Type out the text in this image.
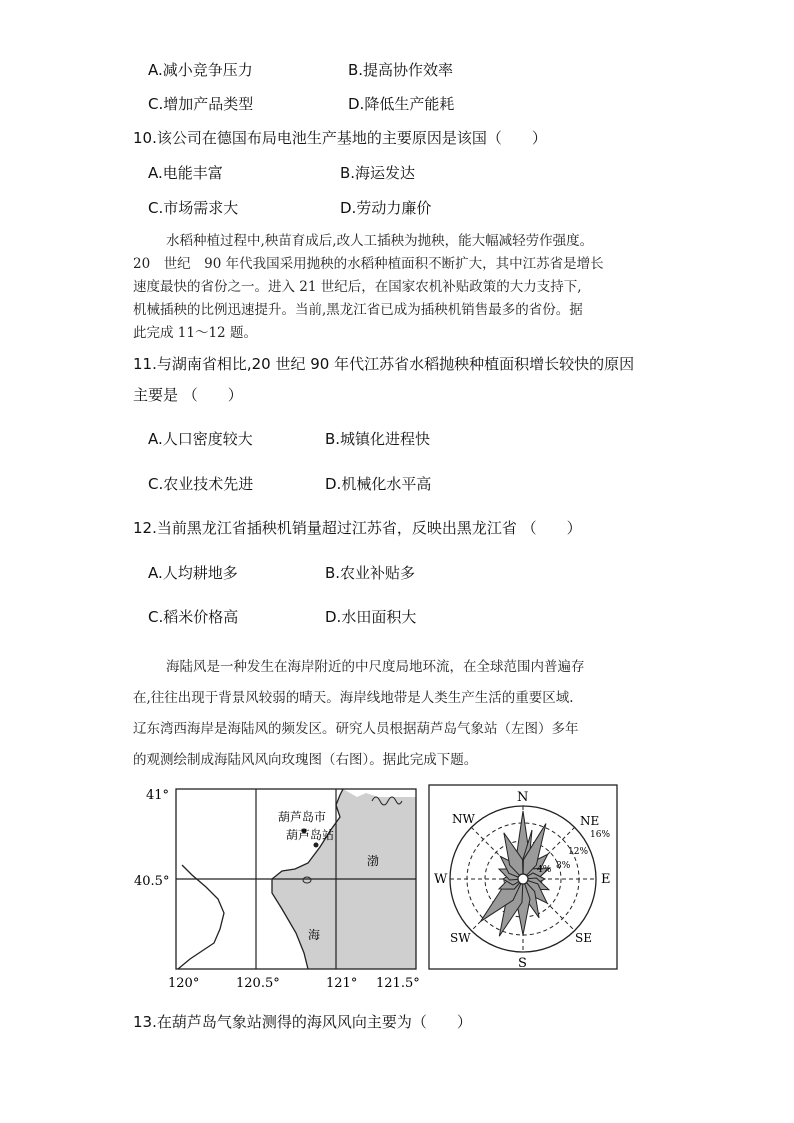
A.减小竞争压力	B.提高协作效率
C.增加产品类型	D.降低生产能耗
10.该公司在德国布局电池生产基地的主要原因是该国（　　）
A.电能丰富	B.海运发达
C.市场需求大	D.劳动力廉价
水稻种植过程中,秧苗育成后,改人工插秧为抛秧，能大幅减轻劳作强度。
20　世纪　90 年代我国采用抛秧的水稻种植面积不断扩大，其中江苏省是增长
速度最快的省份之一。进入 21 世纪后，在国家农机补贴政策的大力支持下,
机械插秧的比例迅速提升。当前,黑龙江省已成为插秧机销售最多的省份。据
此完成 11～12 题。
11.与湖南省相比,20 世纪 90 年代江苏省水稻抛秧种植面积增长较快的原因
主要是 （　　）
A.人口密度较大	B.城镇化进程快
C.农业技术先进	D.机械化水平高
12.当前黑龙江省插秧机销量超过江苏省，反映出黑龙江省 （　　）
A.人均耕地多	B.农业补贴多
C.稻米价格高	D.水田面积大
海陆风是一种发生在海岸附近的中尺度局地环流，在全球范围内普遍存
在,往往出现于背景风较弱的晴天。海岸线地带是人类生产生活的重要区域.
辽东湾西海岸是海陆风的频发区。研究人员根据葫芦岛气象站（左图）多年
的观测绘制成海陆风风向玫瑰图（右图）。据此完成下题。
葫芦岛市
葫芦岛站
渤
海
41°
40.5°
120°	120.5°	121° 121.5°
N
NE
E
SE
S
SW
W
NW
16%
12%
8%
4%
13.在葫芦岛气象站测得的海风风向主要为（　　）
